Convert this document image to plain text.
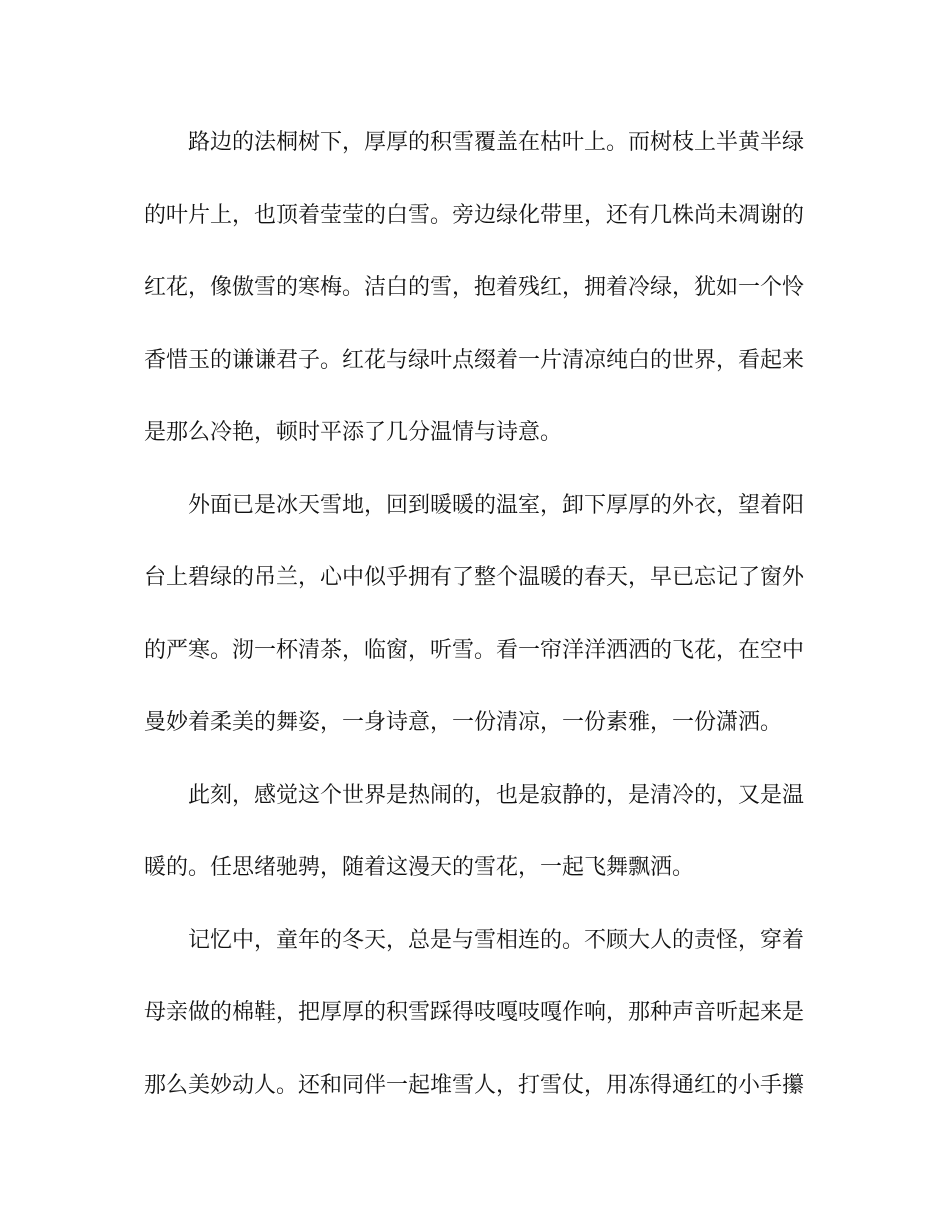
路边的法桐树下，厚厚的积雪覆盖在枯叶上。而树枝上半黄半绿
的叶片上，也顶着莹莹的白雪。旁边绿化带里，还有几株尚未凋谢的
红花，像傲雪的寒梅。洁白的雪，抱着残红，拥着冷绿，犹如一个怜
香惜玉的谦谦君子。红花与绿叶点缀着一片清凉纯白的世界，看起来
是那么冷艳，顿时平添了几分温情与诗意。
外面已是冰天雪地，回到暖暖的温室，卸下厚厚的外衣，望着阳
台上碧绿的吊兰，心中似乎拥有了整个温暖的春天，早已忘记了窗外
的严寒。沏一杯清茶，临窗，听雪。看一帘洋洋洒洒的飞花，在空中
曼妙着柔美的舞姿，一身诗意，一份清凉，一份素雅，一份潇洒。
此刻，感觉这个世界是热闹的，也是寂静的，是清冷的，又是温
暖的。任思绪驰骋，随着这漫天的雪花，一起飞舞飘洒。
记忆中，童年的冬天，总是与雪相连的。不顾大人的责怪，穿着
母亲做的棉鞋，把厚厚的积雪踩得吱嘎吱嘎作响，那种声音听起来是
那么美妙动人。还和同伴一起堆雪人，打雪仗，用冻得通红的小手攥
